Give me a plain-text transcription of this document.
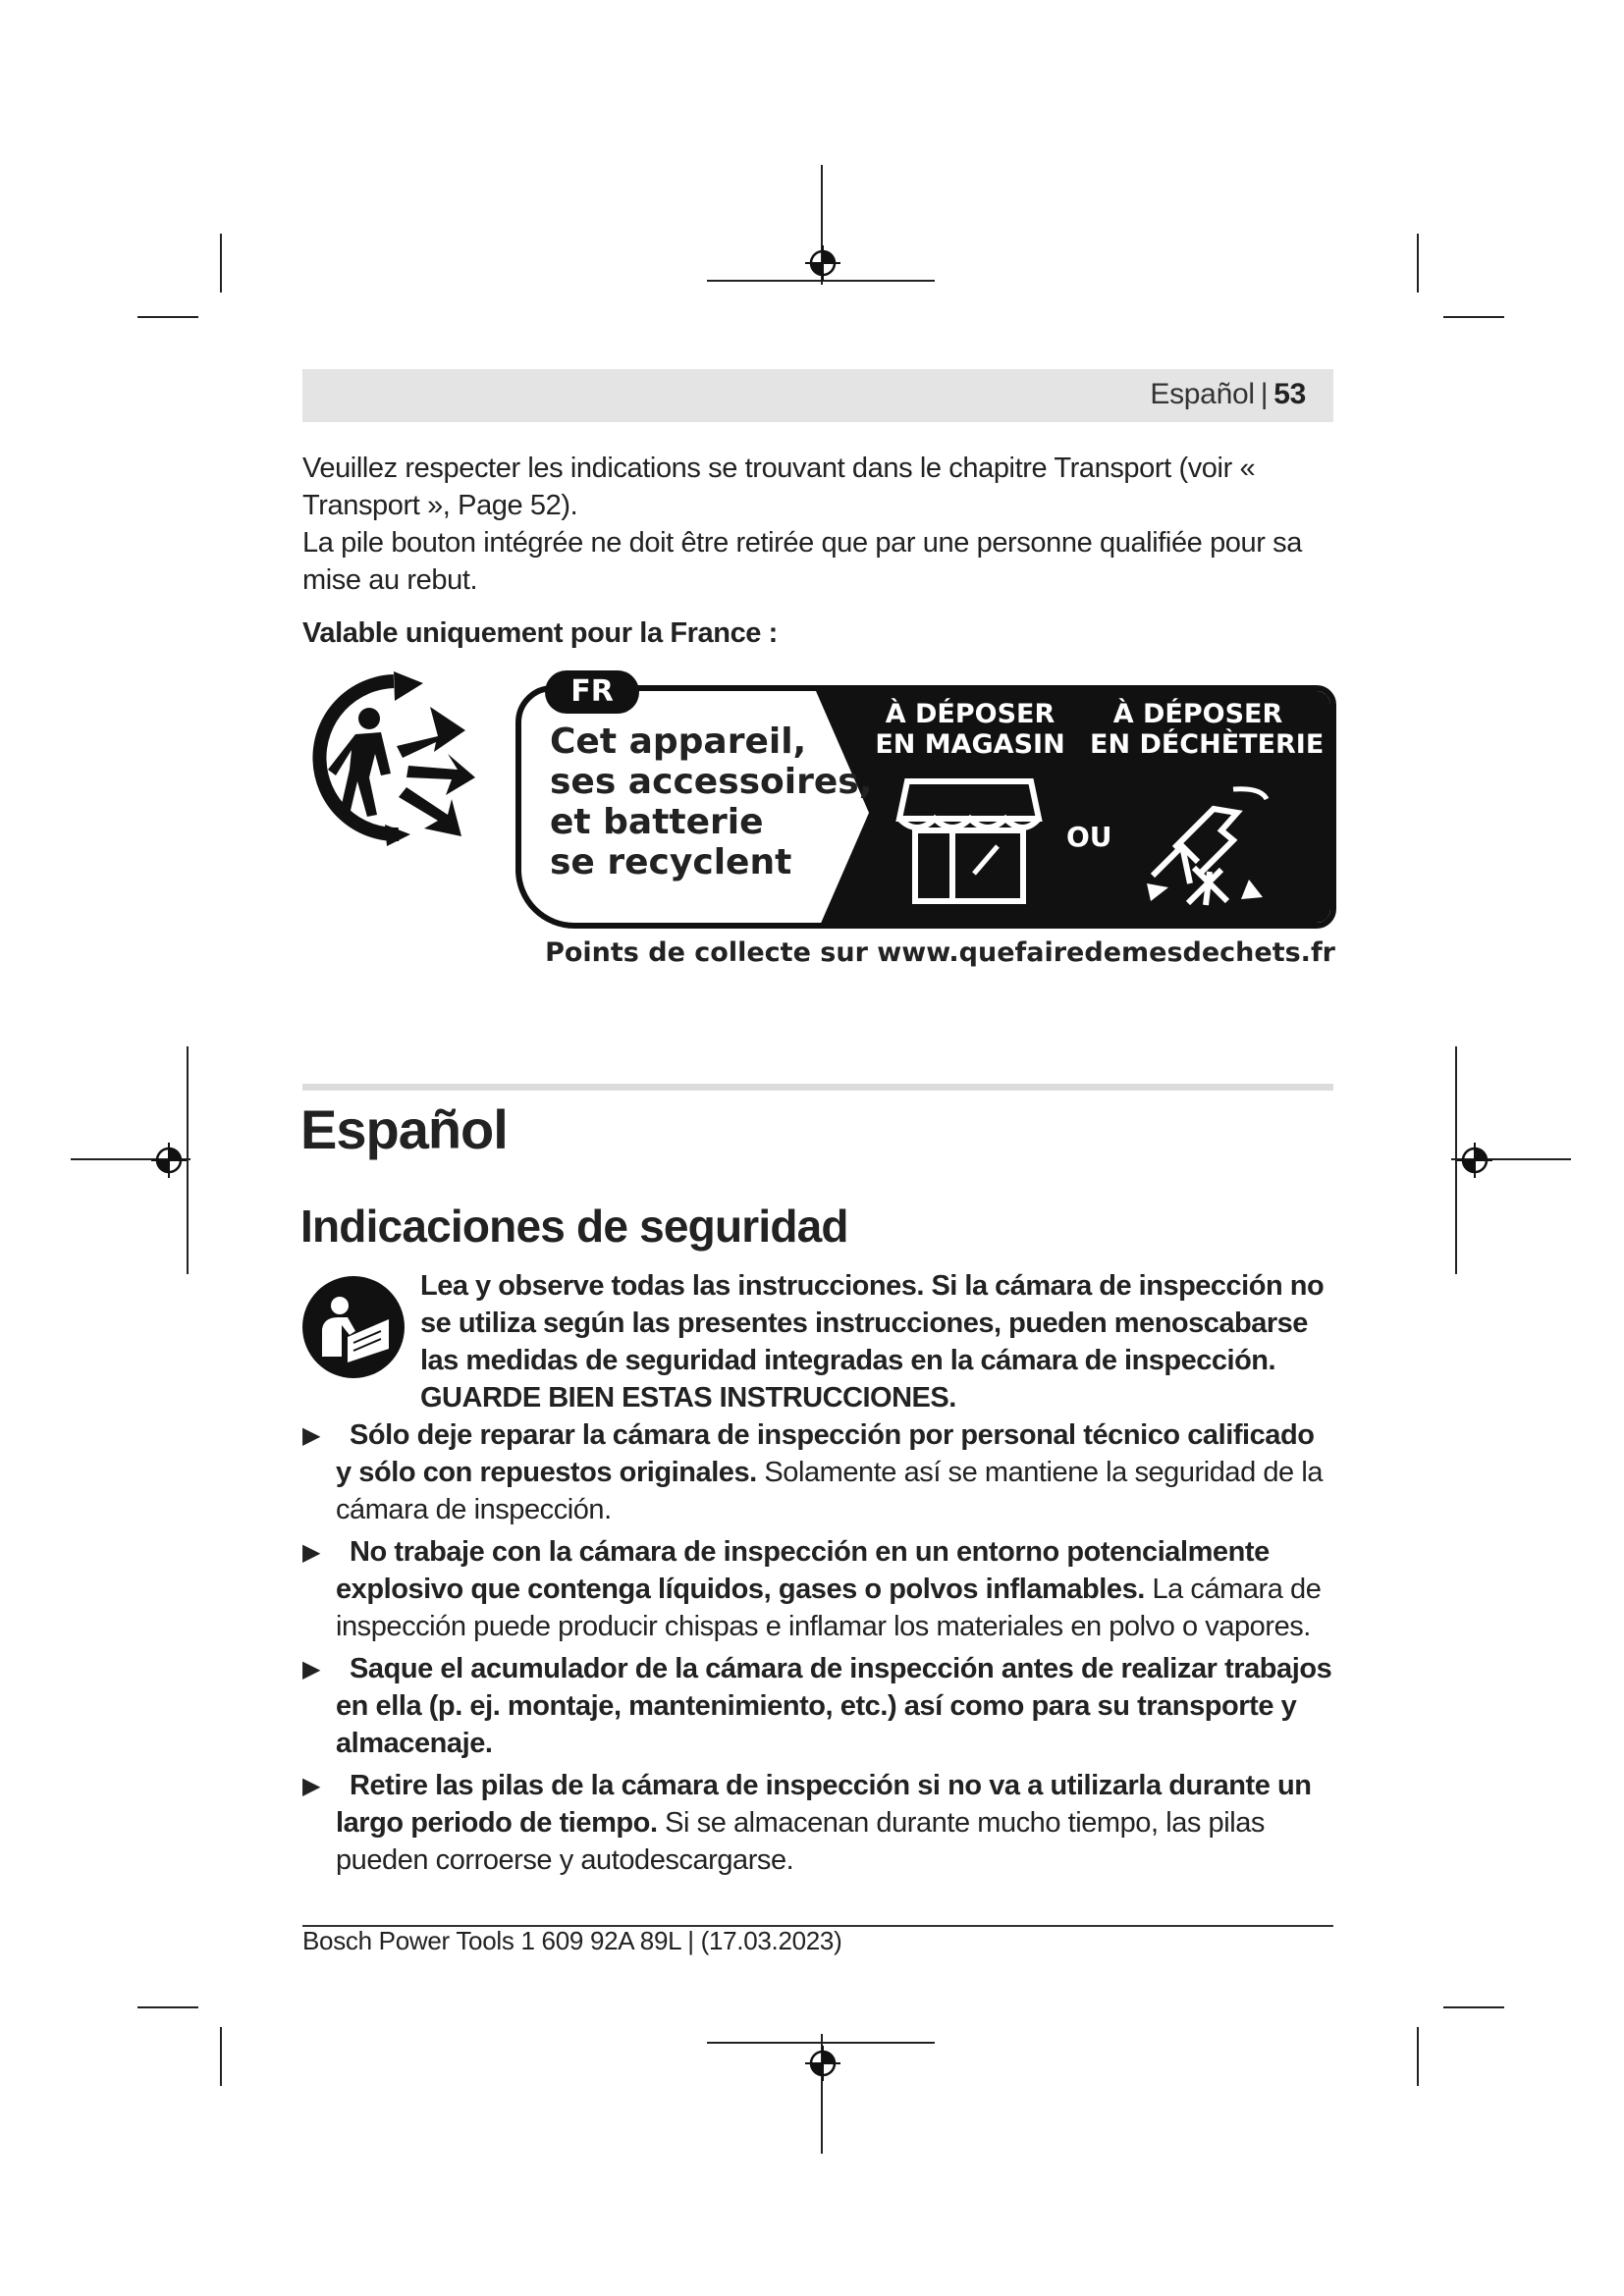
Español | 53

Veuillez respecter les indications se trouvant dans le chapitre Transport (voir « Transport », Page 52).

La pile bouton intégrée ne doit être retirée que par une personne qualifiée pour sa mise au rebut.

Valable uniquement pour la France :

FR
Cet appareil,
ses accessoires,
et batterie
se recyclent
À DÉPOSER
EN MAGASIN
À DÉPOSER
EN DÉCHÈTERIE
OU
Points de collecte sur www.quefairedemesdechets.fr
Español
Indicaciones de seguridad
Lea y observe todas las instrucciones. Si la cámara de inspección no se utiliza según las presentes instrucciones, pueden menoscabarse las medidas de seguridad integradas en la cámara de inspección. GUARDE BIEN ESTAS INSTRUCCIONES.
▶	Sólo deje reparar la cámara de inspección por personal técnico calificado y sólo con repuestos originales. Solamente así se mantiene la seguridad de la cámara de inspección.
▶	No trabaje con la cámara de inspección en un entorno potencialmente explosivo que contenga líquidos, gases o polvos inflamables. La cámara de inspección puede producir chispas e inflamar los materiales en polvo o vapores.
▶	Saque el acumulador de la cámara de inspección antes de realizar trabajos en ella (p. ej. montaje, mantenimiento, etc.) así como para su transporte y almacenaje.
▶	Retire las pilas de la cámara de inspección si no va a utilizarla durante un largo periodo de tiempo. Si se almacenan durante mucho tiempo, las pilas pueden corroerse y autodescargarse.
Bosch Power Tools 1 609 92A 89L | (17.03.2023)
